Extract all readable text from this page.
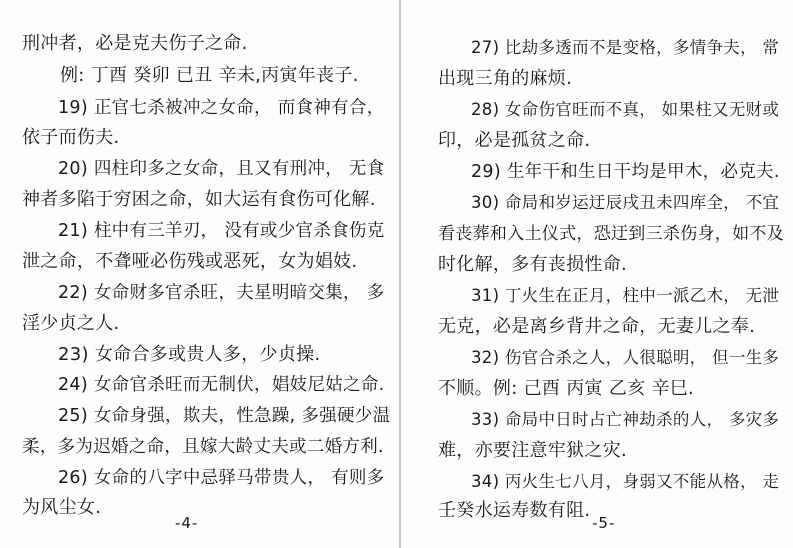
刑冲者，必是克夫伤子之命.
例: 丁酉 癸卯 已丑 辛未,丙寅年丧子.
19) 正官七杀被冲之女命， 而食神有合，
依子而伤夫.
20) 四柱印多之女命，且又有刑冲， 无食
神者多陷于穷困之命，如大运有食伤可化解.
21) 柱中有三羊刃， 没有或少官杀食伤克
泄之命，不聋哑必伤残或恶死，女为娼妓.
22) 女命财多官杀旺，夫星明暗交集， 多
淫少贞之人.
23) 女命合多或贵人多，少贞操.
24) 女命官杀旺而无制伏，娼妓尼姑之命.
25) 女命身强，欺夫，性急躁, 多强硬少温
柔，多为迟婚之命，且嫁大龄丈夫或二婚方利.
26) 女命的八字中忌驿马带贵人， 有则多
为风尘女.
-4-
27) 比劫多透而不是变格，多情争夫， 常
出现三角的麻烦.
28) 女命伤官旺而不真， 如果柱又无财或
印，必是孤贫之命.
29) 生年干和生日干均是甲木，必克夫.
30) 命局和岁运迂辰戌丑未四库全， 不宜
看丧葬和入土仪式，恐迂到三杀伤身，如不及
时化解，多有丧损性命.
31) 丁火生在正月，柱中一派乙木， 无泄
无克，必是离乡背井之命，无妻儿之奉.
32) 伤官合杀之人，人很聪明， 但一生多
不顺。例: 己酉 丙寅 乙亥 辛巳.
33) 命局中日时占亡神劫杀的人， 多灾多
难，亦要注意牢狱之灾.
34) 丙火生七八月，身弱又不能从格， 走
壬癸水运寿数有阻.
-5-
